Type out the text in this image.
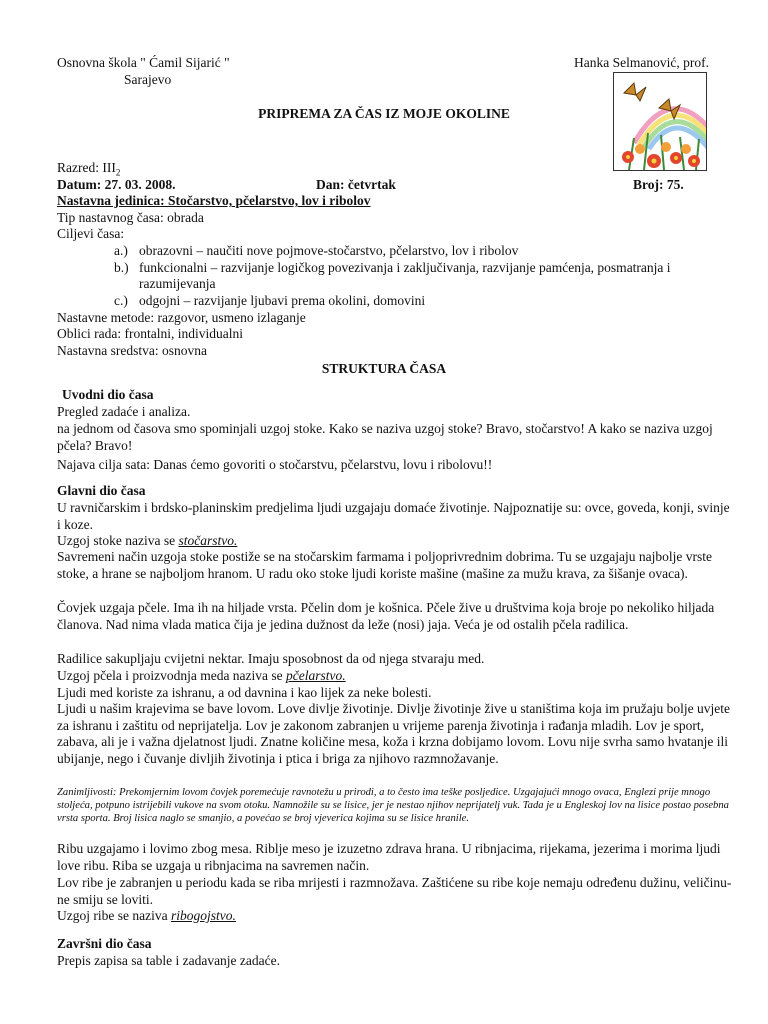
Osnovna škola " Ćamil Sijarić "
Sarajevo
Hanka Selmanović, prof.
PRIPREMA ZA ČAS IZ MOJE OKOLINE
Razred: $III_2$
Datum: 27. 03. 2008.	Dan: četvrtak	Broj: 75.
Nastavna jedinica: Stočarstvo, pčelarstvo, lov i ribolov
Tip nastavnog časa: obrada
Ciljevi časa:
a.) obrazovni – naučiti nove pojmove-stočarstvo, pčelarstvo, lov i ribolov
b.) funkcionalni – razvijanje logičkog povezivanja i zaključivanja, razvijanje pamćenja, posmatranja i razumijevanja
c.) odgojni – razvijanje ljubavi prema okolini, domovini
Nastavne metode: razgovor, usmeno izlaganje
Oblici rada: frontalni, individualni
Nastavna sredstva: osnovna
STRUKTURA ČASA
Uvodni dio časa
Pregled zadaće i analiza.
na jednom od časova smo spominjali uzgoj stoke. Kako se naziva uzgoj stoke? Bravo, stočarstvo! A kako se naziva uzgoj pčela? Bravo!
Najava cilja sata: Danas ćemo govoriti o stočarstvu, pčelarstvu, lovu i ribolovu!!
Glavni dio časa
U ravničarskim i brdsko-planinskim predjelima ljudi uzgajaju domaće životinje. Najpoznatije su: ovce, goveda, konji, svinje i koze.
Uzgoj stoke naziva se stočarstvo.
Savremeni način uzgoja stoke postiže se na stočarskim farmama i poljoprivrednim dobrima. Tu se uzgajaju najbolje vrste stoke, a hrane se najboljom hranom. U radu oko stoke ljudi koriste mašine (mašine za mužu krava, za šišanje ovaca).
Čovjek uzgaja pčele. Ima ih na hiljade vrsta. Pčelin dom je košnica. Pčele žive u društvima koja broje po nekoliko hiljada članova. Nad nima vlada matica čija je jedina dužnost da leže (nosi) jaja. Veća je od ostalih pčela radilica.
Radilice sakupljaju cvijetni nektar. Imaju sposobnost da od njega stvaraju med.
Uzgoj pčela i proizvodnja meda naziva se pčelarstvo.
Ljudi med koriste za ishranu, a od davnina i kao lijek za neke bolesti.
Ljudi u našim krajevima se bave lovom. Love divlje životinje. Divlje životinje žive u staništima koja im pružaju bolje uvjete za ishranu i zaštitu od neprijatelja. Lov je zakonom zabranjen u vrijeme parenja životinja i rađanja mladih. Lov je sport, zabava, ali je i važna djelatnost ljudi. Znatne količine mesa, koža i krzna dobijamo lovom. Lovu nije svrha samo hvatanje ili ubijanje, nego i čuvanje divljih životinja i ptica i briga za njihovo razmnožavanje.
Zanimljivosti: Prekomjernim lovom čovjek poremećuje ravnotežu u prirodi, a to često ima teške posljedice. Uzgajajući mnogo ovaca, Englezi prije mnogo stoljeća, potpuno istrijebili vukove na svom otoku. Namnožile su se lisice, jer je nestao njihov neprijatelj vuk. Tada je u Engleskoj lov na lisice postao posebna vrsta sporta. Broj lisica naglo se smanjio, a povećao se broj vjeverica kojima su se lisice hranile.
Ribu uzgajamo i lovimo zbog mesa. Riblje meso je izuzetno zdrava hrana. U ribnjacima, rijekama, jezerima i morima ljudi love ribu. Riba se uzgaja u ribnjacima na savremen način.
Lov ribe je zabranjen u periodu kada se riba mrijesti i razmnožava. Zaštićene su ribe koje nemaju određenu dužinu, veličinu-ne smiju se loviti.
Uzgoj ribe se naziva ribogojstvo.
Završni dio časa
Prepis zapisa sa table i zadavanje zadaće.
